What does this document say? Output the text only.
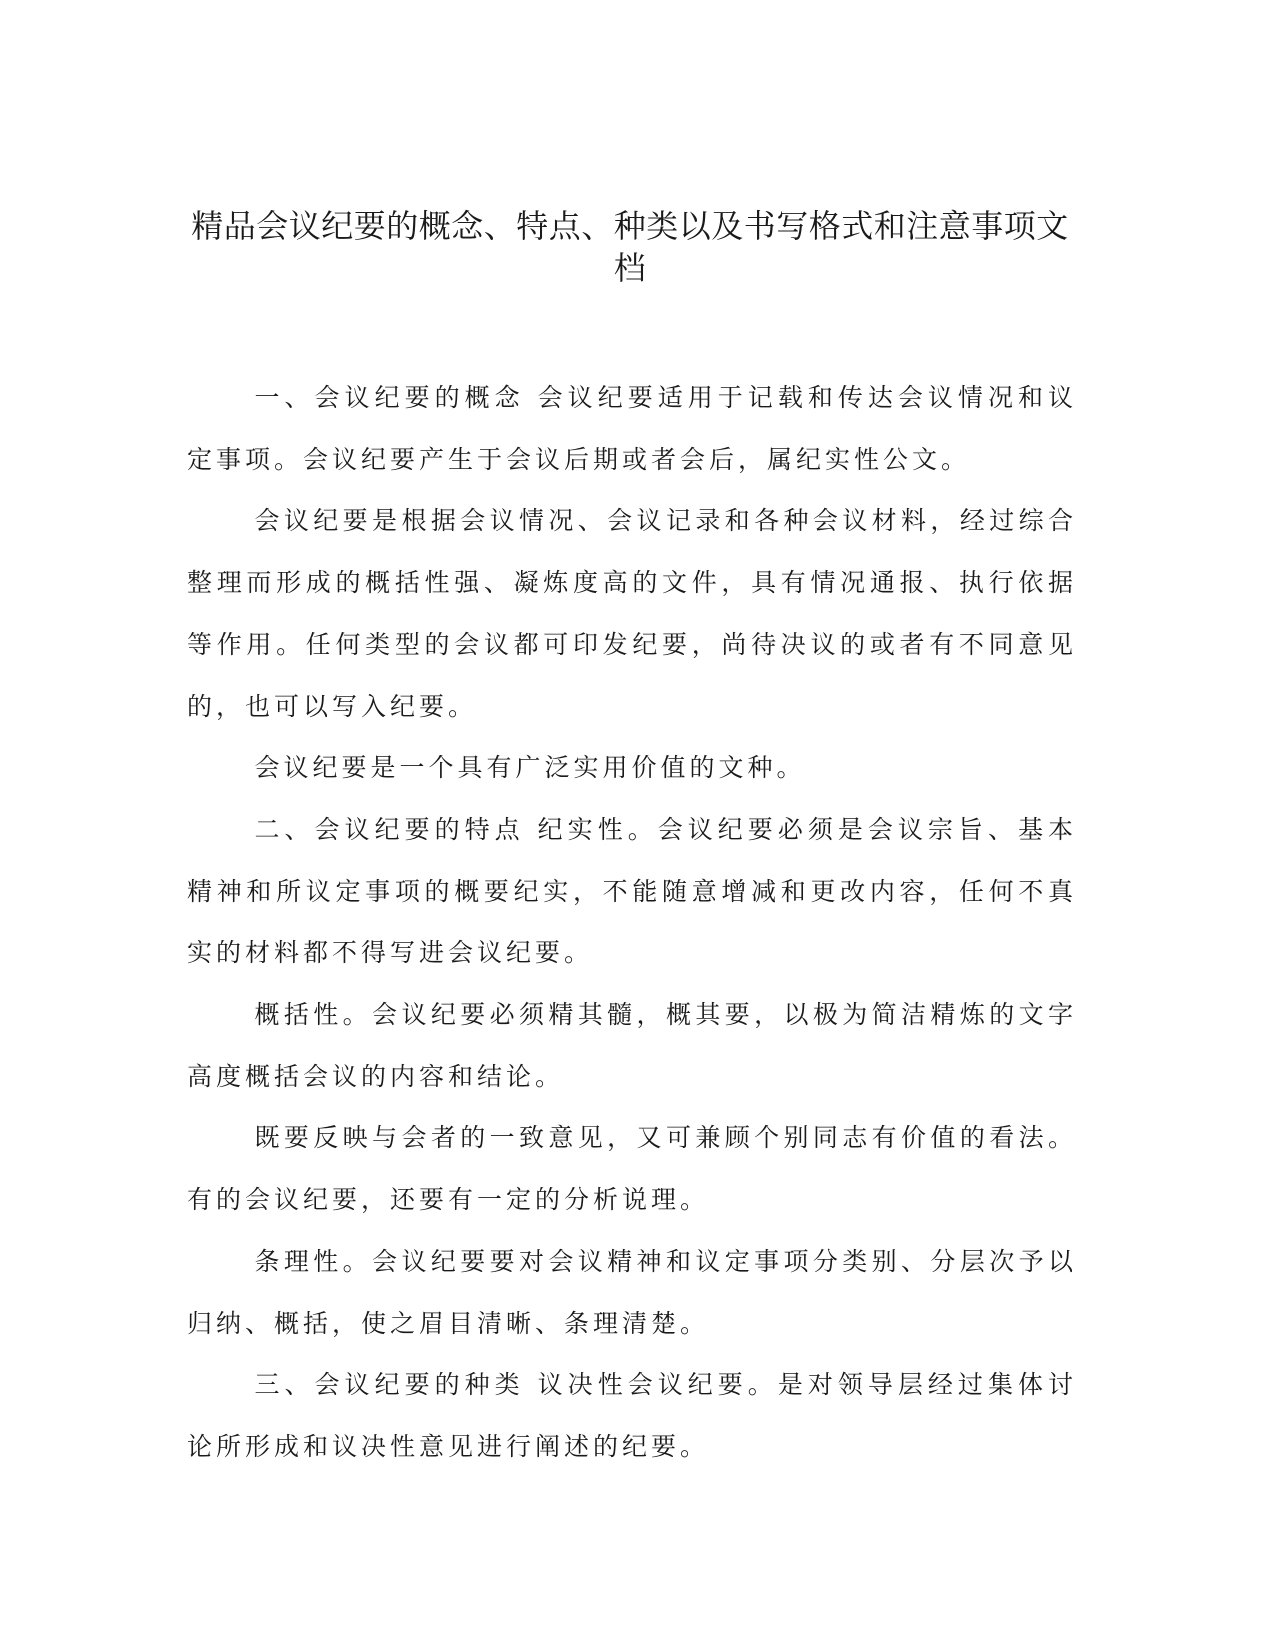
精品会议纪要的概念、特点、种类以及书写格式和注意事项文档

一、会议纪要的概念 会议纪要适用于记载和传达会议情况和议定事项。会议纪要产生于会议后期或者会后，属纪实性公文。

会议纪要是根据会议情况、会议记录和各种会议材料，经过综合整理而形成的概括性强、凝炼度高的文件，具有情况通报、执行依据等作用。任何类型的会议都可印发纪要，尚待决议的或者有不同意见的，也可以写入纪要。

会议纪要是一个具有广泛实用价值的文种。

二、会议纪要的特点 纪实性。会议纪要必须是会议宗旨、基本精神和所议定事项的概要纪实，不能随意增减和更改内容，任何不真实的材料都不得写进会议纪要。

概括性。会议纪要必须精其髓，概其要，以极为简洁精炼的文字高度概括会议的内容和结论。

既要反映与会者的一致意见，又可兼顾个别同志有价值的看法。有的会议纪要，还要有一定的分析说理。

条理性。会议纪要要对会议精神和议定事项分类别、分层次予以归纳、概括，使之眉目清晰、条理清楚。

三、会议纪要的种类 议决性会议纪要。是对领导层经过集体讨论所形成和议决性意见进行阐述的纪要。
